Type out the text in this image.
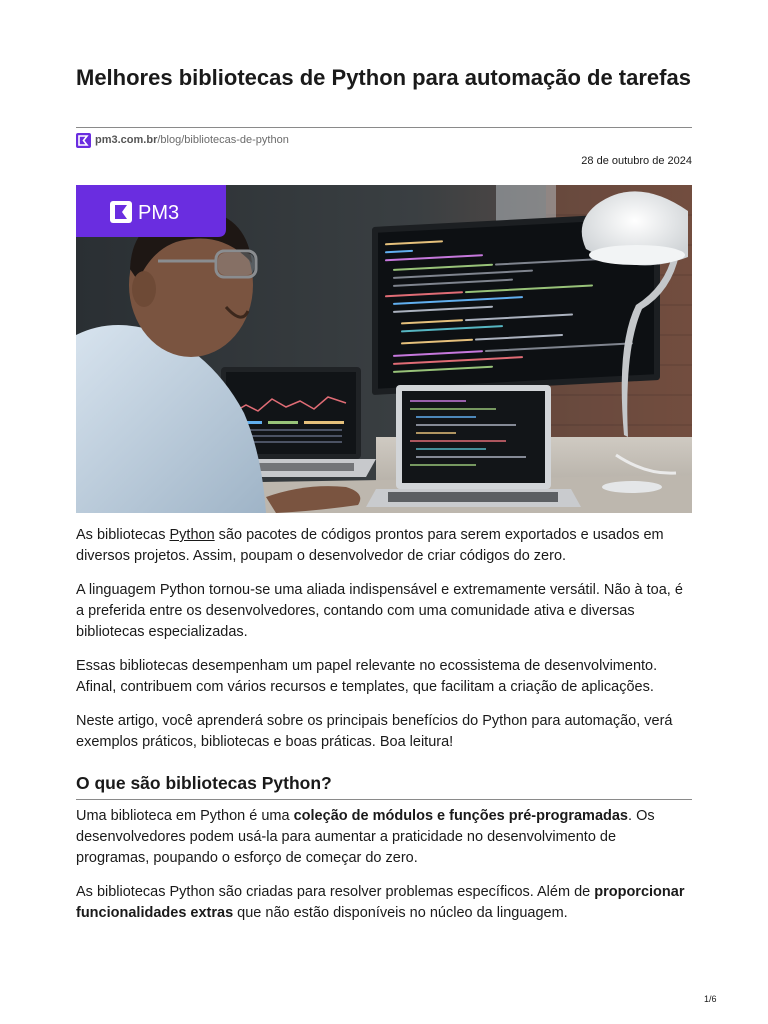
Melhores bibliotecas de Python para automação de tarefas
pm3.com.br /blog/bibliotecas-de-python
28 de outubro de 2024
PM3

As bibliotecas Python são pacotes de códigos prontos para serem exportados e usados em diversos projetos. Assim, poupam o desenvolvedor de criar códigos do zero.

A linguagem Python tornou-se uma aliada indispensável e extremamente versátil. Não à toa, é a preferida entre os desenvolvedores, contando com uma comunidade ativa e diversas bibliotecas especializadas.

Essas bibliotecas desempenham um papel relevante no ecossistema de desenvolvimento. Afinal, contribuem com vários recursos e templates, que facilitam a criação de aplicações.

Neste artigo, você aprenderá sobre os principais benefícios do Python para automação, verá exemplos práticos, bibliotecas e boas práticas. Boa leitura!

O que são bibliotecas Python?

Uma biblioteca em Python é uma coleção de módulos e funções pré-programadas. Os desenvolvedores podem usá-la para aumentar a praticidade no desenvolvimento de programas, poupando o esforço de começar do zero.

As bibliotecas Python são criadas para resolver problemas específicos. Além de proporcionar funcionalidades extras que não estão disponíveis no núcleo da linguagem.

1/6
